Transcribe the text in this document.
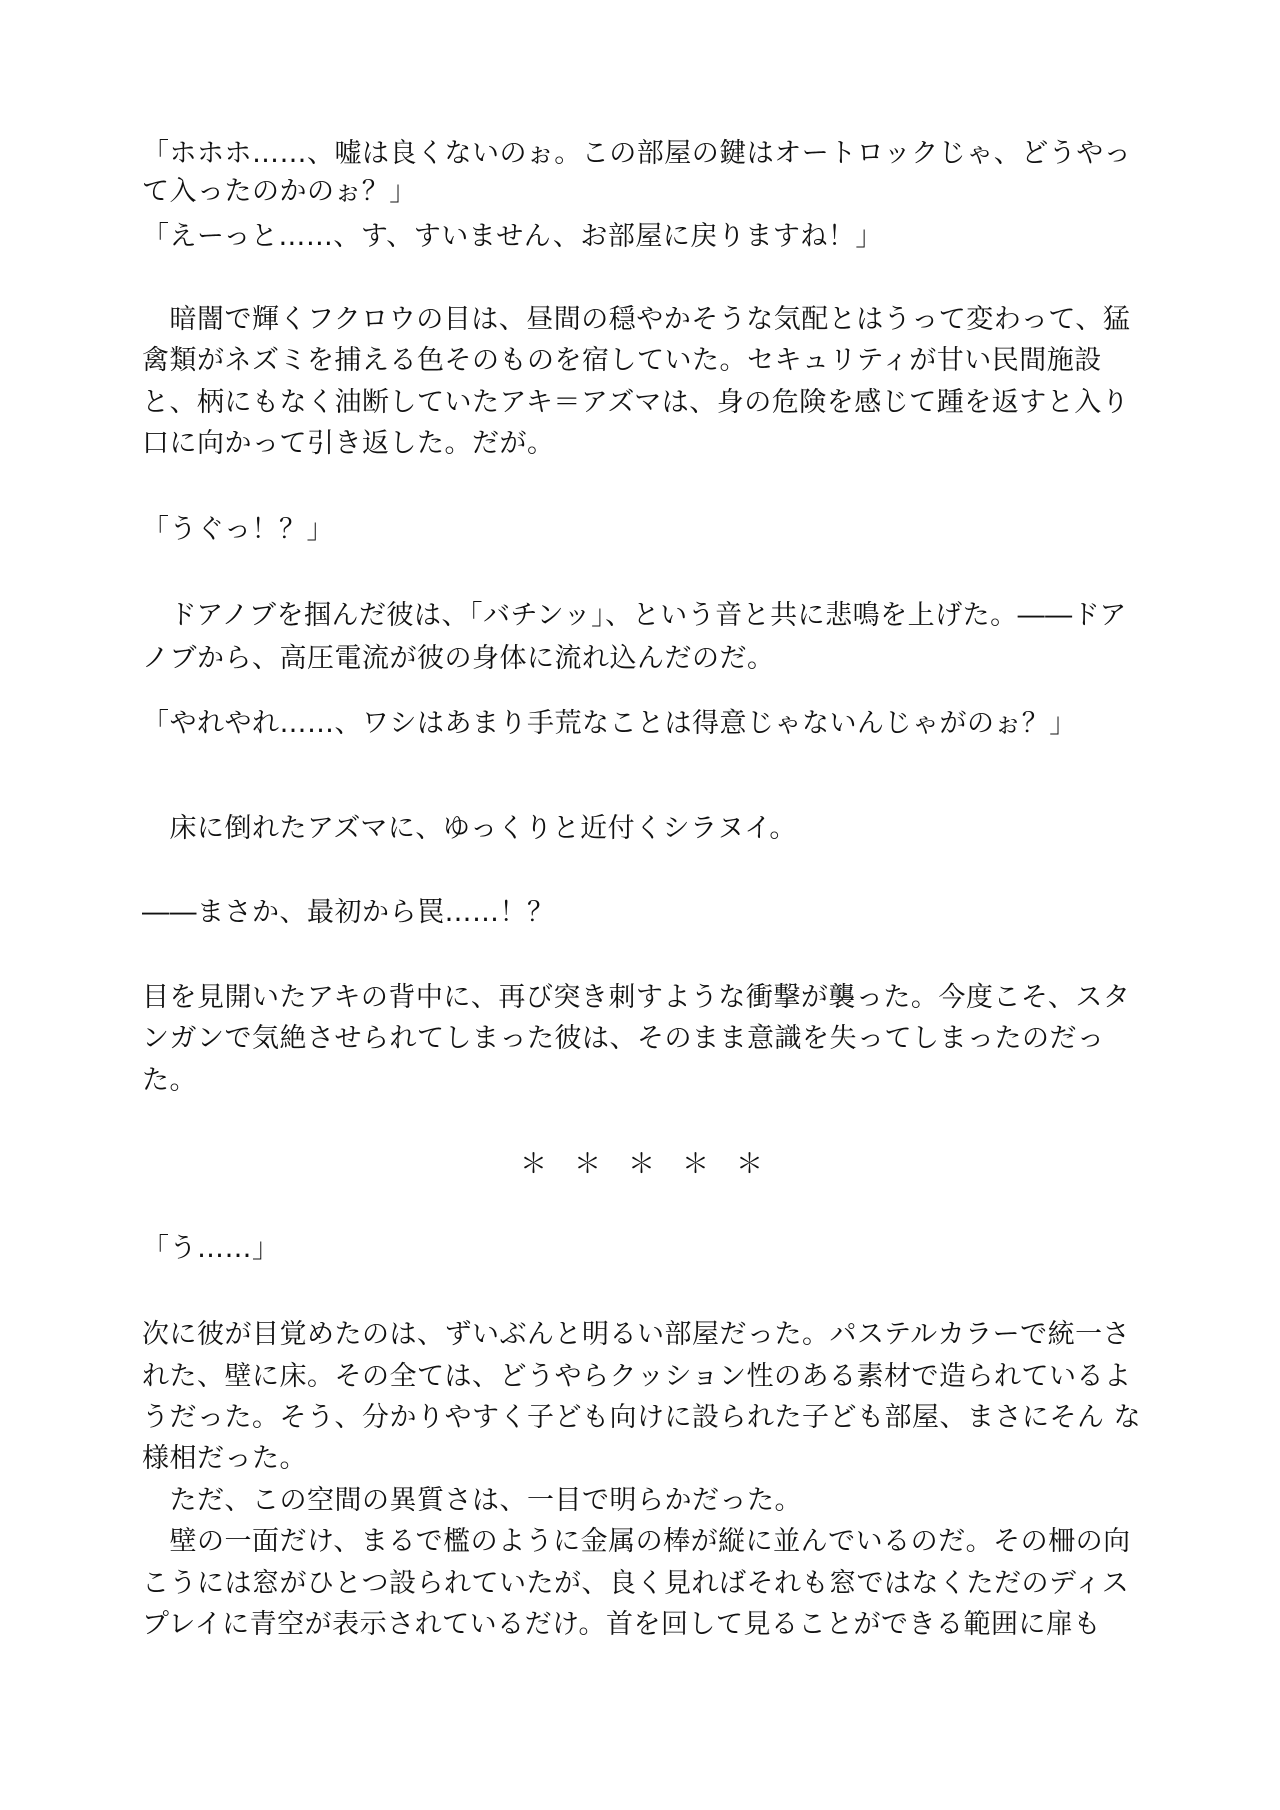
「ホホホ……、嘘は良くないのぉ。この部屋の鍵はオートロックじゃ、どうやっ
て入ったのかのぉ？」
「えーっと……、す、すいません、お部屋に戻りますね！」
　暗闇で輝くフクロウの目は、昼間の穏やかそうな気配とはうって変わって、猛
禽類がネズミを捕える色そのものを宿していた。セキュリティが甘い民間施設
と、柄にもなく油断していたアキ＝アズマは、身の危険を感じて踵を返すと入り
口に向かって引き返した。だが。
「うぐっ！？」
　ドアノブを掴んだ彼は、「バチンッ」、という音と共に悲鳴を上げた。――ドア
ノブから、高圧電流が彼の身体に流れ込んだのだ。
「やれやれ……、ワシはあまり手荒なことは得意じゃないんじゃがのぉ？」
　床に倒れたアズマに、ゆっくりと近付くシラヌイ。
――まさか、最初から罠……！？
目を見開いたアキの背中に、再び突き刺すような衝撃が襲った。今度こそ、スタ
ンガンで気絶させられてしまった彼は、そのまま意識を失ってしまったのだっ
た。
＊　＊　＊　＊　＊
「う……」
次に彼が目覚めたのは、ずいぶんと明るい部屋だった。パステルカラーで統一さ
れた、壁に床。その全ては、どうやらクッション性のある素材で造られているよ
うだった。そう、分かりやすく子ども向けに設られた子ども部屋、まさにそん な
様相だった。
　ただ、この空間の異質さは、一目で明らかだった。
　壁の一面だけ、まるで檻のように金属の棒が縦に並んでいるのだ。その柵の向
こうには窓がひとつ設られていたが、良く見ればそれも窓ではなくただのディス
プレイに青空が表示されているだけ。首を回して見ることができる範囲に扉も
